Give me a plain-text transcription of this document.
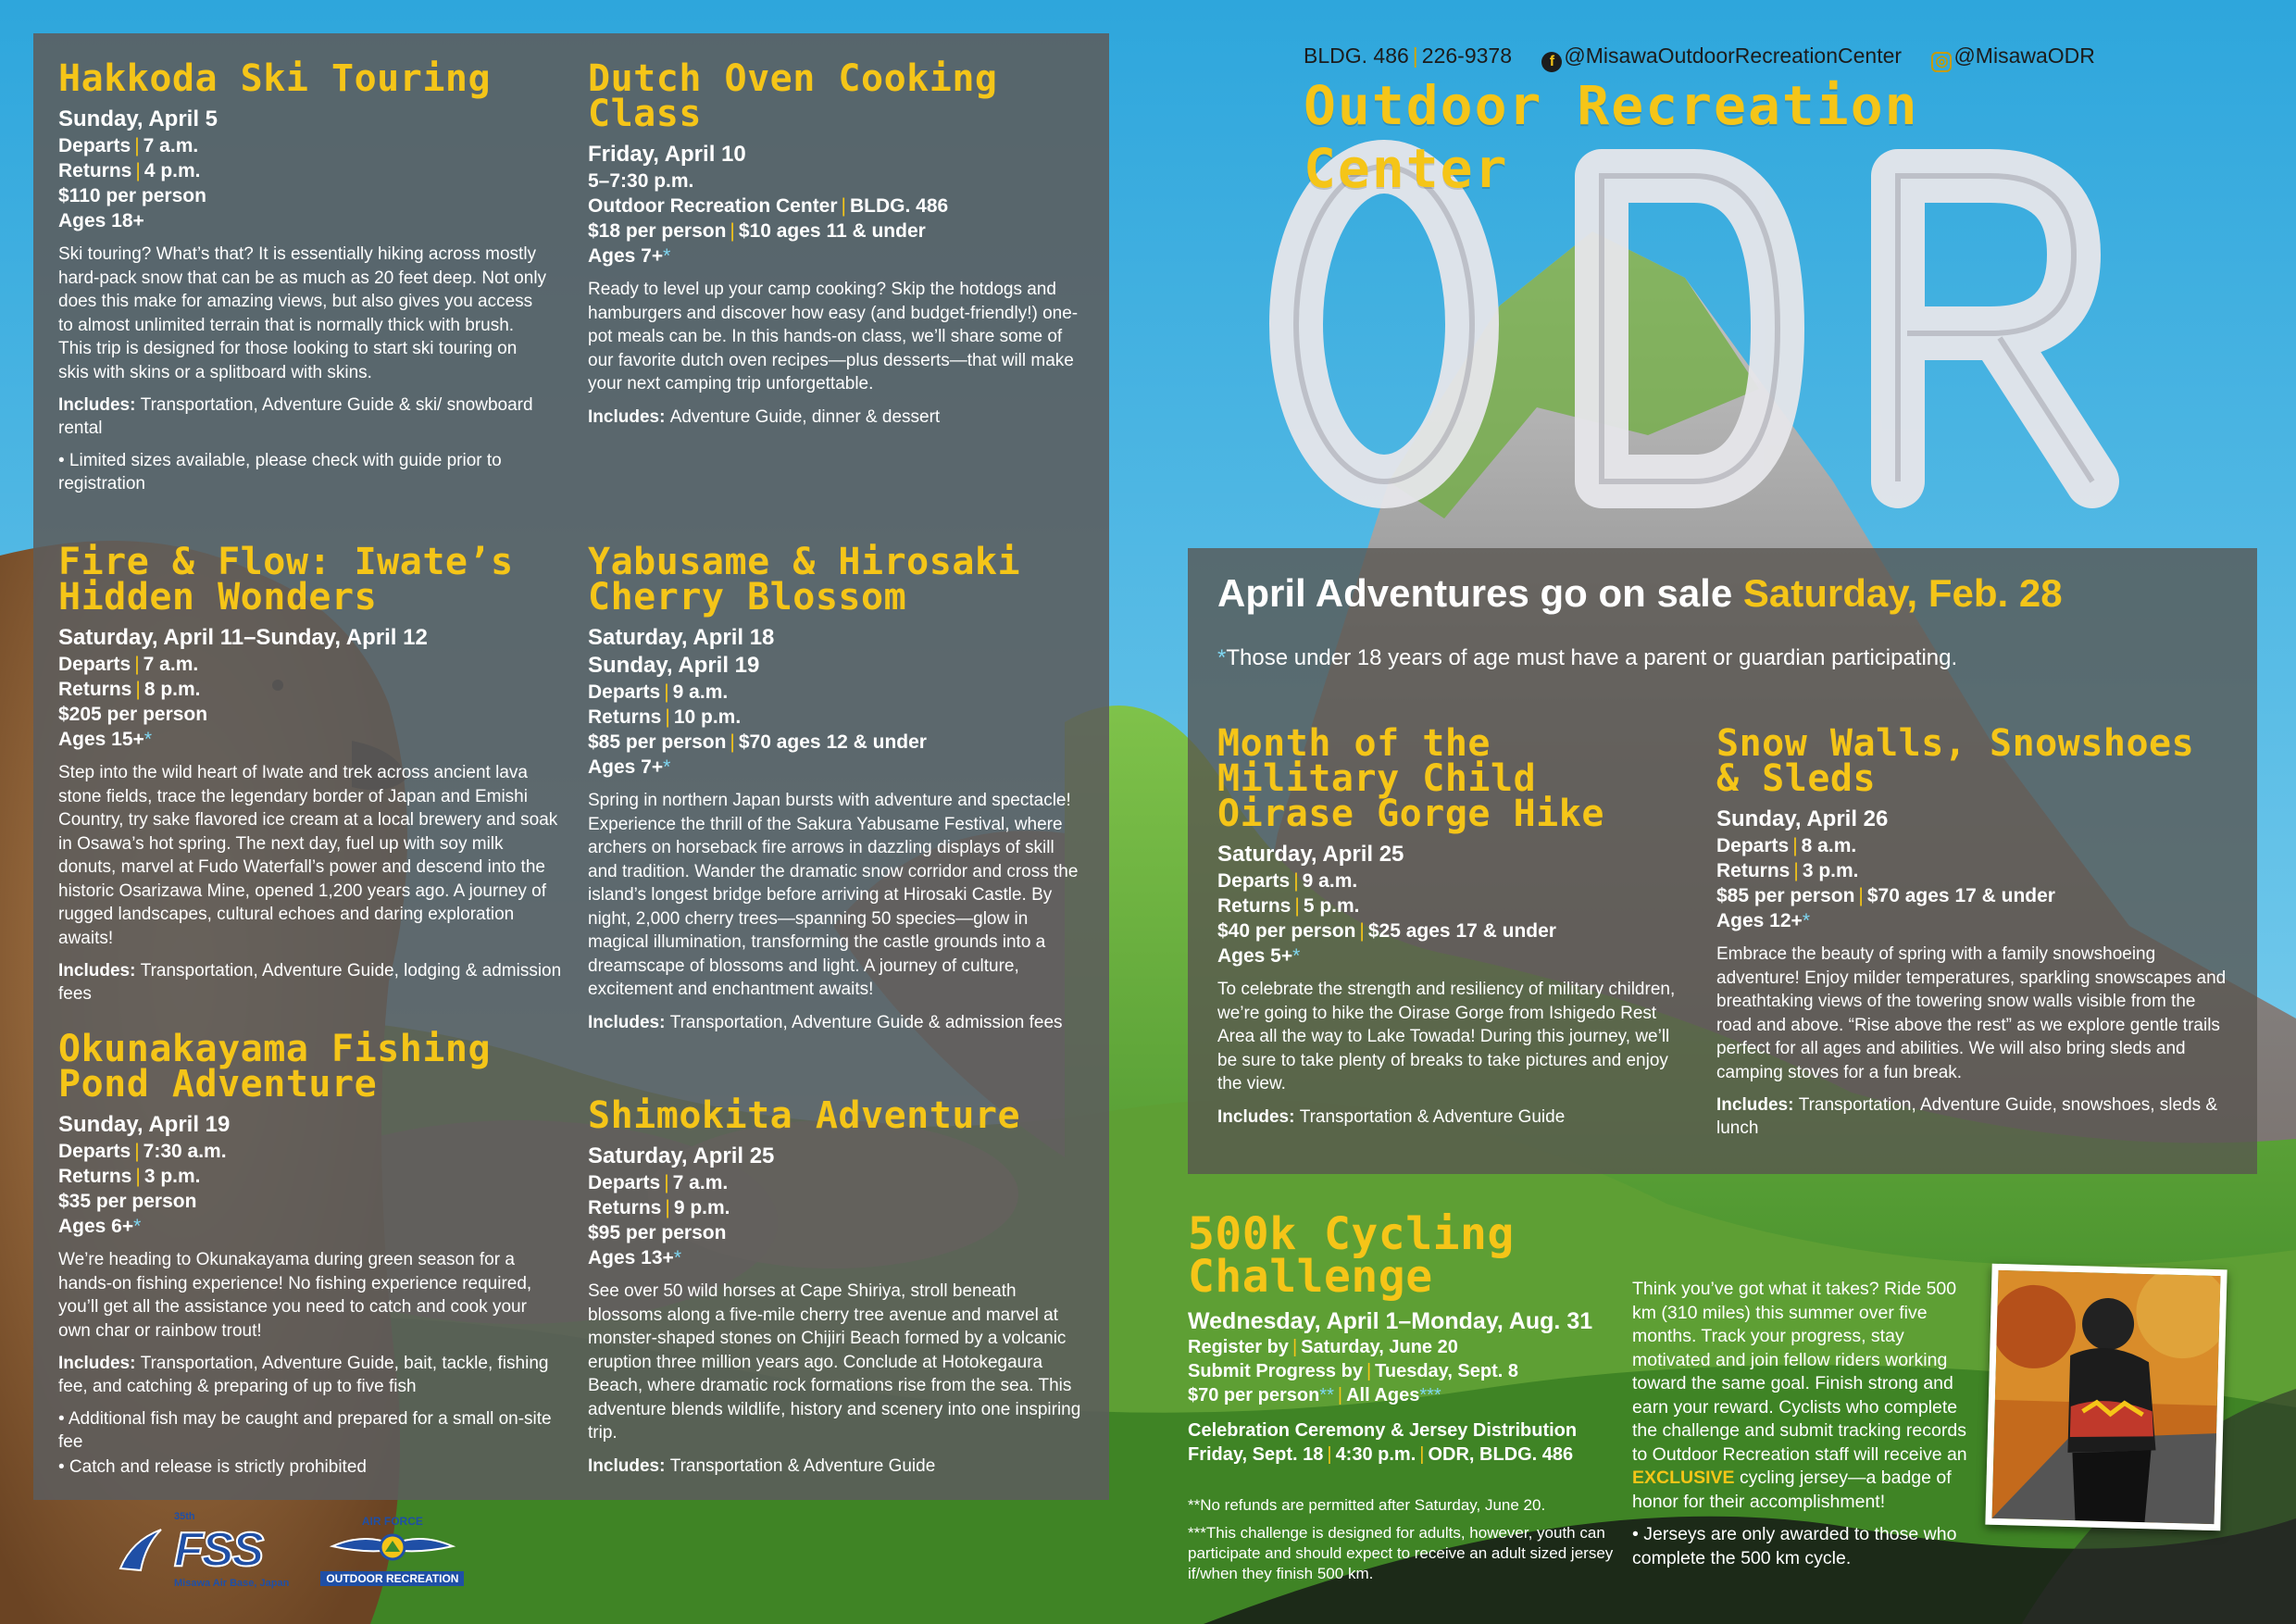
BLDG. 486 | 226-9378	f @MisawaOutdoorRecreationCenter ◎ @MisawaODR
Outdoor Recreation Center
Hakkoda Ski Touring
Sunday, April 5
Departs | 7 a.m.
Returns | 4 p.m.
$110 per person
Ages 18+
Ski touring? What’s that? It is essentially hiking across mostly hard-pack snow that can be as much as 20 feet deep. Not only does this make for amazing views, but also gives you access to almost unlimited terrain that is normally thick with brush. This trip is designed for those looking to start ski touring on skis with skins or a splitboard with skins.
Includes: Transportation, Adventure Guide & ski/ snowboard rental
• Limited sizes available, please check with guide prior to registration
Dutch Oven Cooking Class
Friday, April 10
5–7:30 p.m.
Outdoor Recreation Center | BLDG. 486
$18 per person | $10 ages 11 & under
Ages 7+*
Ready to level up your camp cooking? Skip the hotdogs and hamburgers and discover how easy (and budget-friendly!) one-pot meals can be. In this hands-on class, we’ll share some of our favorite dutch oven recipes—plus desserts—that will make your next camping trip unforgettable.
Includes: Adventure Guide, dinner & dessert
Fire & Flow: Iwate’s Hidden Wonders
Saturday, April 11–Sunday, April 12
Departs | 7 a.m.
Returns | 8 p.m.
$205 per person
Ages 15+*
Step into the wild heart of Iwate and trek across ancient lava stone fields, trace the legendary border of Japan and Emishi Country, try sake flavored ice cream at a local brewery and soak in Osawa’s hot spring. The next day, fuel up with soy milk donuts, marvel at Fudo Waterfall’s power and descend into the historic Osarizawa Mine, opened 1,200 years ago. A journey of rugged landscapes, cultural echoes and daring exploration awaits!
Includes: Transportation, Adventure Guide, lodging & admission fees
Yabusame & Hirosaki Cherry Blossom
Saturday, April 18
Sunday, April 19
Departs | 9 a.m.
Returns | 10 p.m.
$85 per person | $70 ages 12 & under
Ages 7+*
Spring in northern Japan bursts with adventure and spectacle! Experience the thrill of the Sakura Yabusame Festival, where archers on horseback fire arrows in dazzling displays of skill and tradition. Wander the dramatic snow corridor and cross the island’s longest bridge before arriving at Hirosaki Castle. By night, 2,000 cherry trees—spanning 50 species—glow in magical illumination, transforming the castle grounds into a dreamscape of blossoms and light. A journey of culture, excitement and enchantment awaits!
Includes: Transportation, Adventure Guide & admission fees
Okunakayama Fishing Pond Adventure
Sunday, April 19
Departs | 7:30 a.m.
Returns | 3 p.m.
$35 per person
Ages 6+*
We’re heading to Okunakayama during green season for a hands-on fishing experience! No fishing experience required, you’ll get all the assistance you need to catch and cook your own char or rainbow trout!
Includes: Transportation, Adventure Guide, bait, tackle, fishing fee, and catching & preparing of up to five fish
• Additional fish may be caught and prepared for a small on-site fee
• Catch and release is strictly prohibited
Shimokita Adventure
Saturday, April 25
Departs | 7 a.m.
Returns | 9 p.m.
$95 per person
Ages 13+*
See over 50 wild horses at Cape Shiriya, stroll beneath blossoms along a five-mile cherry tree avenue and marvel at monster-shaped stones on Chijiri Beach formed by a volcanic eruption three million years ago. Conclude at Hotokegaura Beach, where dramatic rock formations rise from the sea. This adventure blends wildlife, history and scenery into one inspiring trip.
Includes: Transportation & Adventure Guide
Month of the Military Child Oirase Gorge Hike
Saturday, April 25
Departs | 9 a.m.
Returns | 5 p.m.
$40 per person | $25 ages 17 & under
Ages 5+*
To celebrate the strength and resiliency of military children, we’re going to hike the Oirase Gorge from Ishigedo Rest Area all the way to Lake Towada! During this journey, we’ll be sure to take plenty of breaks to take pictures and enjoy the view.
Includes: Transportation & Adventure Guide
Snow Walls, Snowshoes & Sleds
Sunday, April 26
Departs | 8 a.m.
Returns | 3 p.m.
$85 per person | $70 ages 17 & under
Ages 12+*
Embrace the beauty of spring with a family snowshoeing adventure! Enjoy milder temperatures, sparkling snowscapes and breathtaking views of the towering snow walls visible from the road and above. “Rise above the rest” as we explore gentle trails perfect for all ages and abilities. We will also bring sleds and camping stoves for a fun break.
Includes: Transportation, Adventure Guide, snowshoes, sleds & lunch
April Adventures go on sale Saturday, Feb. 28
*Those under 18 years of age must have a parent or guardian participating.
500k Cycling Challenge
Wednesday, April 1–Monday, Aug. 31
Register by | Saturday, June 20
Submit Progress by | Tuesday, Sept. 8
$70 per person** | All Ages***
Celebration Ceremony & Jersey Distribution
Friday, Sept. 18 | 4:30 p.m. | ODR, BLDG. 486

**No refunds are permitted after Saturday, June 20.

***This challenge is designed for adults, however, youth can participate and should expect to receive an adult sized jersey if/when they finish 500 km.

Think you’ve got what it takes? Ride 500 km (310 miles) this summer over five months. Track your progress, stay motivated and join fellow riders working toward the same goal. Finish strong and earn your reward. Cyclists who complete the challenge and submit tracking records to Outdoor Recreation staff will receive an EXCLUSIVE cycling jersey—a badge of honor for their accomplishment!
• Jerseys are only awarded to those who complete the 500 km cycle.
35th
FSS
Misawa Air Base, Japan
AIR FORCE
OUTDOOR RECREATION
